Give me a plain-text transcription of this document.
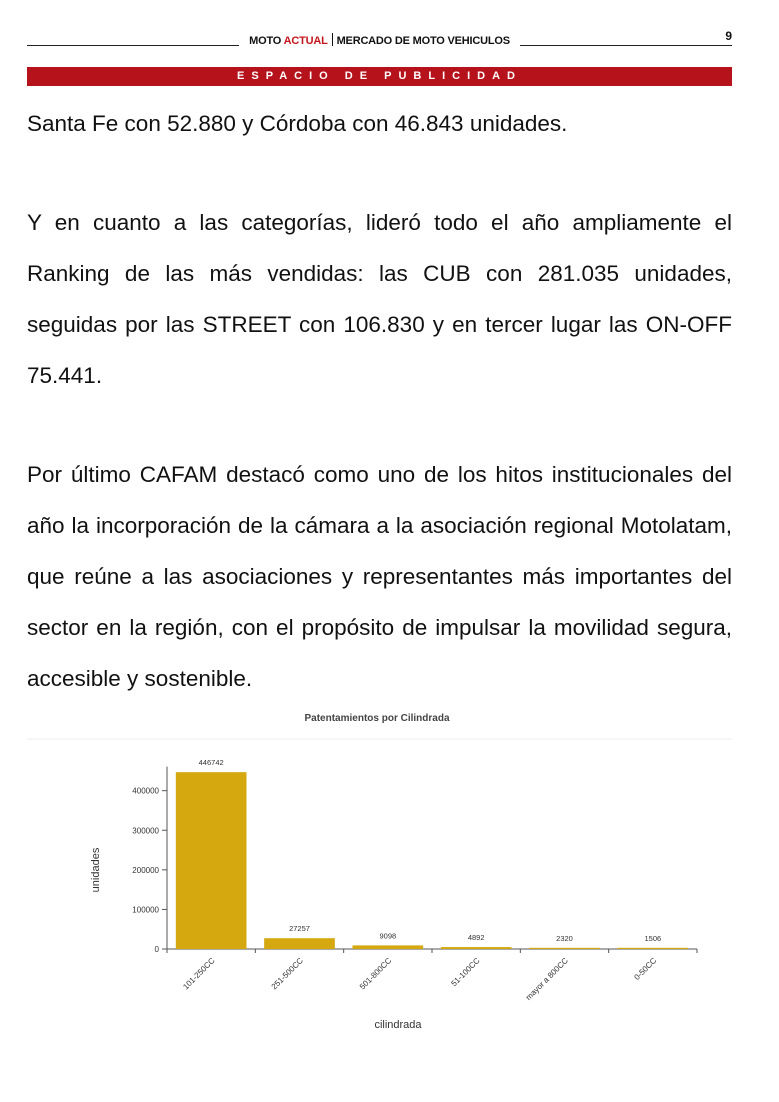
MOTO ACTUAL MERCADO DE MOTO VEHICULOS	9
ESPACIO DE PUBLICIDAD

Santa Fe con 52.880 y Córdoba con 46.843 unidades.

Y en cuanto a las categorías, lideró todo el año ampliamente el Ranking de las más vendidas: las CUB con 281.035 unidades, seguidas por las STREET con 106.830 y en tercer lugar las ON-OFF 75.441.

Por último CAFAM destacó como uno de los hitos institucionales del año la incorporación de la cámara a la asociación regional Motolatam, que reúne a las asociaciones y representantes más importantes del sector en la región, con el propósito de impulsar la movilidad segura, accesible y sostenible.

Patentamientos por Cilindrada
0
100000
200000
300000
400000
446742
101-250CC
27257
251-500CC
9098
501-800CC
4892
51-100CC
2320
mayor a 800CC
1506
0-50CC
unidades
cilindrada
